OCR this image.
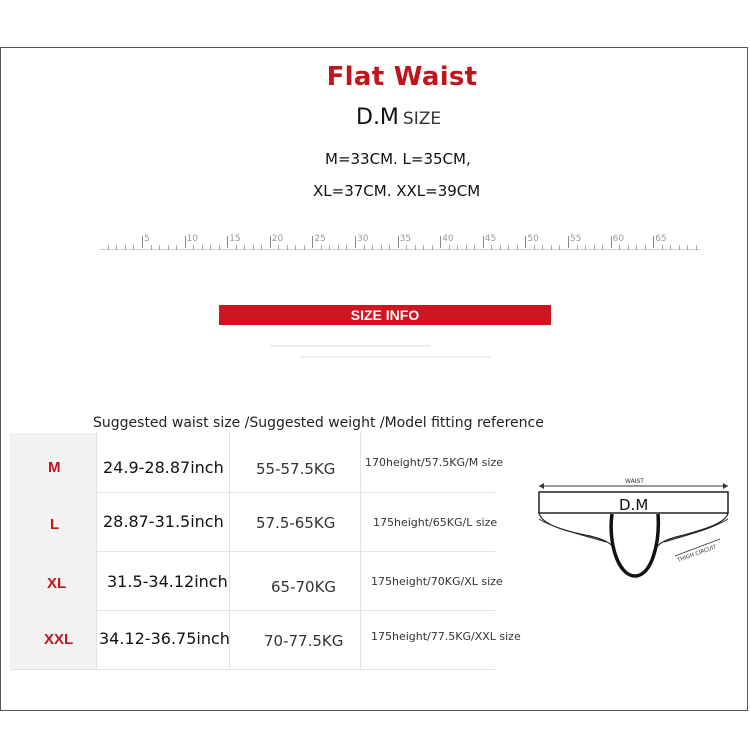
Flat Waist
D.M SIZE
M=33CM. L=35CM,
XL=37CM. XXL=39CM
5	10	15	20	25	30	35	40	45	50	55	60	65
SIZE INFO
Suggested waist size /Suggested weight /Model fitting reference
M	24.9-28.87inch 55-57.5KG	170height/57.5KG/M size
L	28.87-31.5inch 57.5-65KG	175height/65KG/L size
XL	31.5-34.12inch	65-70KG	175height/70KG/XL size
XXL 34.12-36.75inch 70-77.5KG	175height/77.5KG/XXL size
WAIST
D.M
THIGH CIRCUIT
